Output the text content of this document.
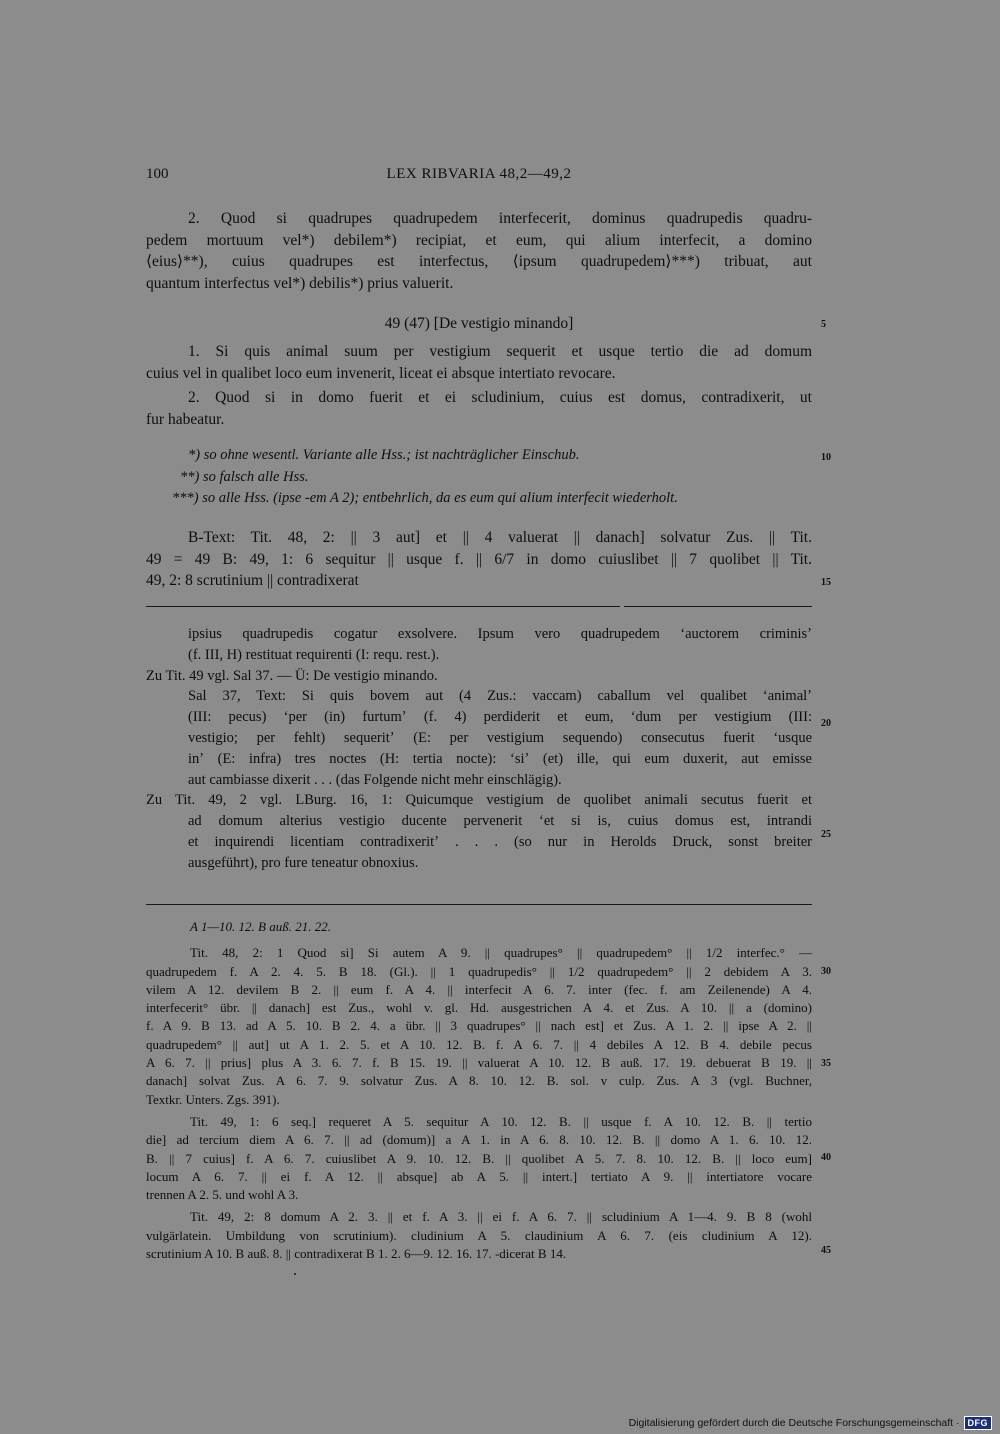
100	LEX RIBVARIA 48,2—49,2
2. Quod si quadrupes quadrupedem interfecerit, dominus quadrupedis quadru-
pedem mortuum vel*) debilem*) recipiat, et eum, qui alium interfecit, a domino
⟨eius⟩**), cuius quadrupes est interfectus, ⟨ipsum quadrupedem⟩***) tribuat, aut
quantum interfectus vel*) debilis*) prius valuerit.
49 (47) [De vestigio minando]	5
1. Si quis animal suum per vestigium sequerit et usque tertio die ad domum
cuius vel in qualibet loco eum invenerit, liceat ei absque intertiato revocare.
2. Quod si in domo fuerit et ei scludinium, cuius est domus, contradixerit, ut
fur habeatur.
*) so ohne wesentl. Variante alle Hss.; ist nachträglicher Einschub.
**) so falsch alle Hss.
***) so alle Hss. (ipse -em A 2); entbehrlich, da es eum qui alium interfecit wiederholt.
10
B-Text: Tit. 48, 2: || 3 aut] et || 4 valuerat || danach] solvatur Zus. || Tit.
49 = 49 B: 49, 1: 6 sequitur || usque f. || 6/7 in domo cuiuslibet || 7 quolibet || Tit.
49, 2: 8 scrutinium || contradixerat	15
ipsius quadrupedis cogatur exsolvere. Ipsum vero quadrupedem ʻauctorem criminisʼ
(f. III, H) restituat requirenti (I: requ. rest.).
Zu Tit. 49 vgl. Sal 37. — Ü: De vestigio minando.
Sal 37, Text: Si quis bovem aut (4 Zus.: vaccam) caballum vel qualibet ʻanimalʼ
(III: pecus) ʻper (in) furtumʼ (f. 4) perdiderit et eum, ʻdum per vestigium (III:
vestigio; per fehlt) sequeritʼ (E: per vestigium sequendo) consecutus fuerit ʻusque
inʼ (E: infra) tres noctes (H: tertia nocte): ʻsiʼ (et) ille, qui eum duxerit, aut emisse
aut cambiasse dixerit . . . (das Folgende nicht mehr einschlägig).
Zu Tit. 49, 2 vgl. LBurg. 16, 1: Quicumque vestigium de quolibet animali secutus fuerit et
ad domum alterius vestigio ducente pervenerit ʻet si is, cuius domus est, intrandi
et inquirendi licentiam contradixeritʼ . . . (so nur in Herolds Druck, sonst breiter
ausgeführt), pro fure teneatur obnoxius.
20
25
A 1—10. 12. B auß. 21. 22.
Tit. 48, 2: 1 Quod si] Si autem A 9. || quadrupes° || quadrupedem° || 1/2 interfec.° —
quadrupedem f. A 2. 4. 5. B 18. (Gl.). || 1 quadrupedis° || 1/2 quadrupedem° || 2 debidem A 3.
vilem A 12. devilem B 2. || eum f. A 4. || interfecit A 6. 7. inter (fec. f. am Zeilenende) A 4.
interfecerit° übr. || danach] est Zus., wohl v. gl. Hd. ausgestrichen A 4. et Zus. A 10. || a (domino)
f. A 9. B 13. ad A 5. 10. B 2. 4. a übr. || 3 quadrupes° || nach est] et Zus. A 1. 2. || ipse A 2. ||
quadrupedem° || aut] ut A 1. 2. 5. et A 10. 12. B. f. A 6. 7. || 4 debiles A 12. B 4. debile pecus
A 6. 7. || prius] plus A 3. 6. 7. f. B 15. 19. || valuerat A 10. 12. B auß. 17. 19. debuerat B 19. ||
danach] solvat Zus. A 6. 7. 9. solvatur Zus. A 8. 10. 12. B. sol. v culp. Zus. A 3 (vgl. Buchner,
Textkr. Unters. Zgs. 391).
Tit. 49, 1: 6 seq.] requeret A 5. sequitur A 10. 12. B. || usque f. A 10. 12. B. || tertio
die] ad tercium diem A 6. 7. || ad (domum)] a A 1. in A 6. 8. 10. 12. B. || domo A 1. 6. 10. 12.
B. || 7 cuius] f. A 6. 7. cuiuslibet A 9. 10. 12. B. || quolibet A 5. 7. 8. 10. 12. B. || loco eum]
locum A 6. 7. || ei f. A 12. || absque] ab A 5. || intert.] tertiato A 9. || intertiatore vocare
trennen A 2. 5. und wohl A 3.
Tit. 49, 2: 8 domum A 2. 3. || et f. A 3. || ei f. A 6. 7. || scludinium A 1—4. 9. B 8 (wohl
vulgärlatein. Umbildung von scrutinium). cludinium A 5. claudinium A 6. 7. (eis cludinium A 12).
scrutinium A 10. B auß. 8. || contradixerat B 1. 2. 6—9. 12. 16. 17. -dicerat B 14.
30
35
40
45
Digitalisierung gefördert durch die Deutsche Forschungsgemeinschaft · DFG
